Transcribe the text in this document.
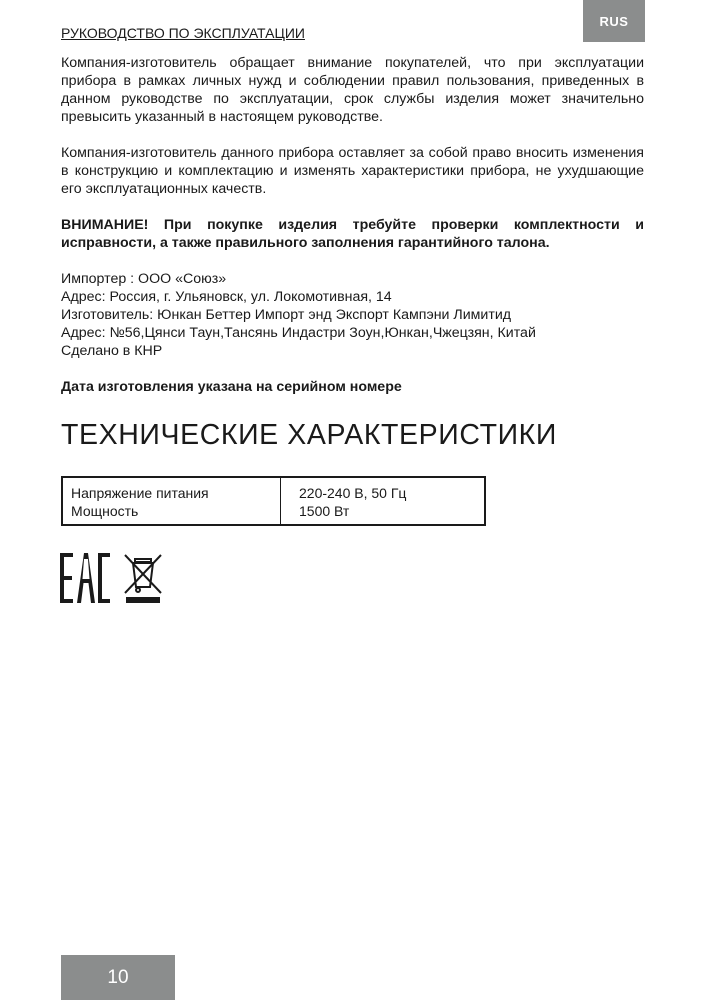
RUS
РУКОВОДСТВО ПО ЭКСПЛУАТАЦИИ

Компания-изготовитель обращает внимание покупателей, что при эксплуатации прибора в рамках личных нужд и соблюдении правил пользования, приведенных в данном руководстве по эксплуатации, срок службы изделия может значительно превысить указанный в настоящем руководстве.

Компания-изготовитель данного прибора оставляет за собой право вносить изменения в конструкцию и комплектацию и изменять характеристики прибора, не ухудшающие его эксплуатационных качеств.

ВНИМАНИЕ! При покупке изделия требуйте проверки комплектности и исправности, а также правильного заполнения гарантийного талона.

Импортер : ООО «Союз»
Адрес: Россия, г. Ульяновск, ул. Локомотивная, 14
Изготовитель: Юнкан Беттер Импорт энд Экспорт Кампэни Лимитид
Адрес: №56,Цянси Таун,Тансянь Индастри Зоун,Юнкан,Чжецзян, Китай
Сделано в КНР
Дата изготовления указана на серийном номере
ТЕХНИЧЕСКИЕ ХАРАКТЕРИСТИКИ
Напряжение питания
Мощность
220-240 В, 50 Гц
1500 Вт
10
